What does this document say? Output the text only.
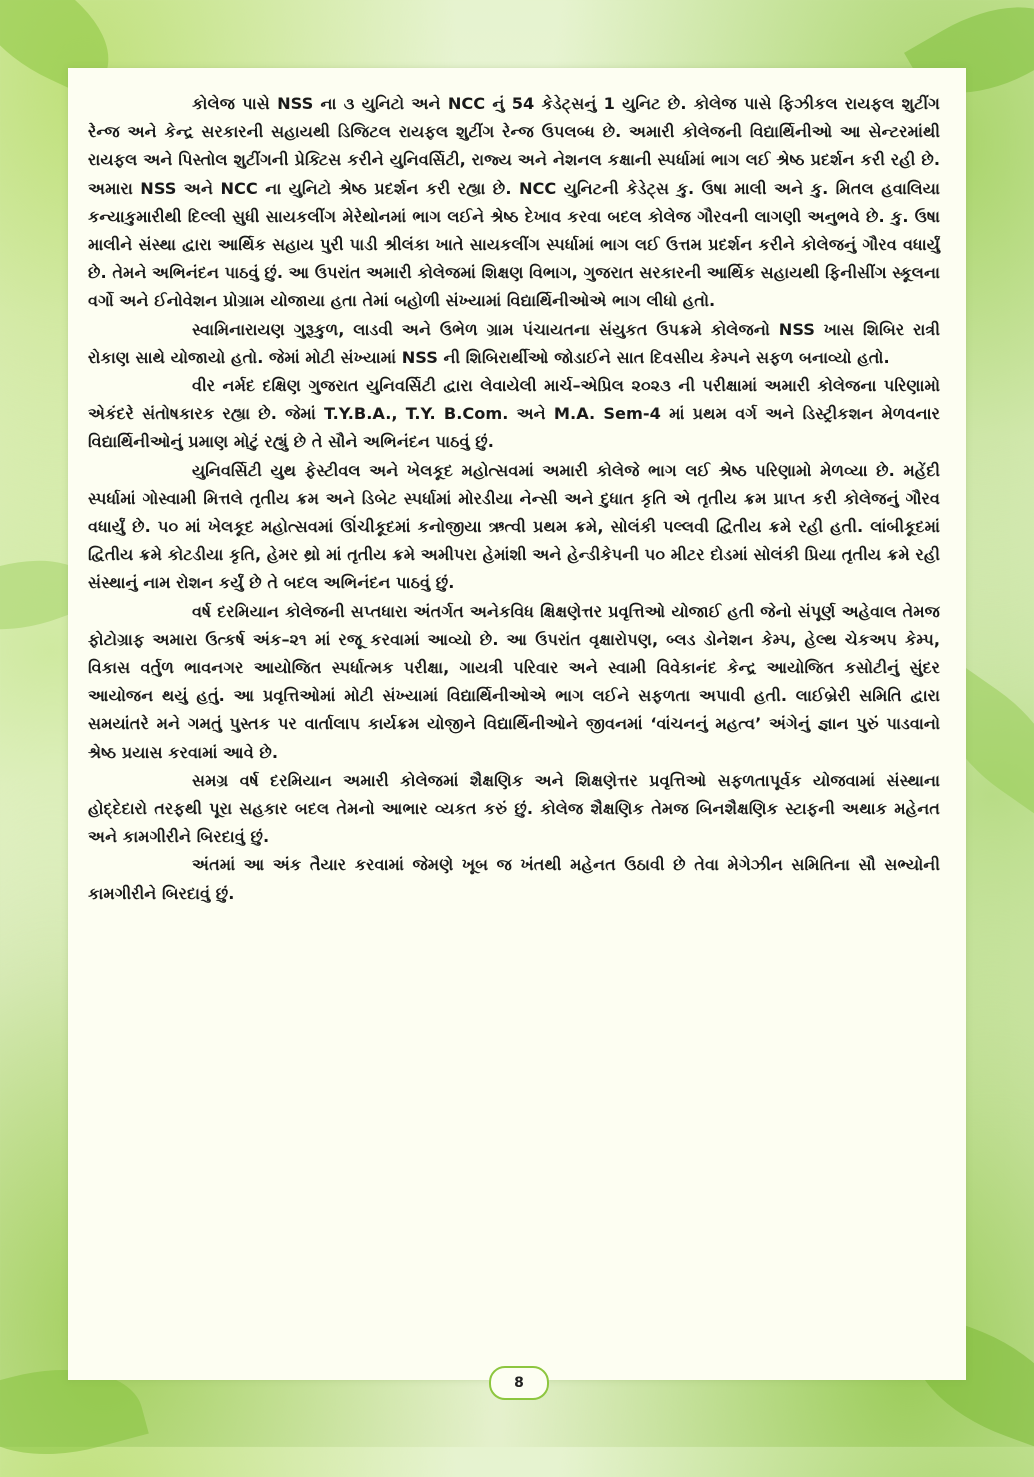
કોલેજ પાસે NSS ના ૩ યુનિટો અને NCC નું 54 કેડેટ્સનું 1 યુનિટ છે. કોલેજ પાસે ફિઝીકલ રાયફલ શુટીંગ રેન્જ અને કેન્દ્ર સરકારની સહાયથી ડિજિટલ રાયફલ શુટીંગ રેન્જ ઉપલબ્ધ છે. અમારી કોલેજની વિદ્યાર્થિનીઓ આ સેન્ટરમાંથી રાયફલ અને પિસ્તોલ શુટીંગની પ્રેક્ટિસ કરીને યુનિવર્સિટી, રાજ્ય અને નેશનલ કક્ષાની સ્પર્ધામાં ભાગ લઈ શ્રેષ્ઠ પ્રદર્શન કરી રહી છે. અમારા NSS અને NCC ના યુનિટો શ્રેષ્ઠ પ્રદર્શન કરી રહ્યા છે. NCC યુનિટની કેડેટ્સ કુ. ઉષા માલી અને કુ. મિતલ હવાલિયા કન્યાકુમારીથી દિલ્લી સુધી સાયકલીંગ મેરેથોનમાં ભાગ લઈને શ્રેષ્ઠ દેખાવ કરવા બદલ કોલેજ ગૌરવની લાગણી અનુભવે છે. કુ. ઉષા માલીને સંસ્થા દ્વારા આર્થિક સહાય પુરી પાડી શ્રીલંકા ખાતે સાયકલીંગ સ્પર્ધામાં ભાગ લઈ ઉત્તમ પ્રદર્શન કરીને કોલેજનું ગૌરવ વધાર્યું છે. તેમને અભિનંદન પાઠવું છું. આ ઉપરાંત અમારી કોલેજમાં શિક્ષણ વિભાગ, ગુજરાત સરકારની આર્થિક સહાયથી ફિનીસીંગ સ્કૂલના વર્ગો અને ઈનોવેશન પ્રોગ્રામ યોજાયા હતા તેમાં બહોળી સંખ્યામાં વિદ્યાર્થિનીઓએ ભાગ લીધો હતો.

સ્વામિનારાયણ ગુરૂકુળ, લાડવી અને ઉભેળ ગ્રામ પંચાયતના સંયુકત ઉપક્રમે કોલેજનો NSS ખાસ શિબિર રાત્રી રોકાણ સાથે યોજાયો હતો. જેમાં મોટી સંખ્યામાં NSS ની શિબિરાર્થીઓ જોડાઈને સાત દિવસીય કેમ્પને સફળ બનાવ્યો હતો.

વીર નર્મદ દક્ષિણ ગુજરાત યુનિવર્સિટી દ્વારા લેવાયેલી માર્ચ–એપ્રિલ ૨૦૨૩ ની પરીક્ષામાં અમારી કોલેજના પરિણામો એકંદરે સંતોષકારક રહ્યા છે. જેમાં T.Y.B.A., T.Y. B.Com. અને M.A. Sem-4 માં પ્રથમ વર્ગ અને ડિસ્ટ્રીકશન મેળવનાર વિદ્યાર્થિનીઓનું પ્રમાણ મોટું રહ્યું છે તે સૌને અભિનંદન પાઠવું છું.

યુનિવર્સિટી યુથ ફેસ્ટીવલ અને ખેલકૂદ મહોત્સવમાં અમારી કોલેજે ભાગ લઈ શ્રેષ્ઠ પરિણામો મેળવ્યા છે. મહેંદી સ્પર્ધામાં ગોસ્વામી મિત્તલે તૃતીય ક્રમ અને ડિબેટ સ્પર્ધામાં મોરડીયા નેન્સી અને દુધાત કૃતિ એ તૃતીય ક્રમ પ્રાપ્ત કરી કોલેજનું ગૌરવ વધાર્યું છે. ૫૦ માં ખેલકૂદ મહોત્સવમાં ઊંચીકૂદમાં કનોજીયા ઋત્વી પ્રથમ ક્રમે, સોલંકી પલ્લવી દ્વિતીય ક્રમે રહી હતી. લાંબીકૂદમાં દ્વિતીય ક્રમે કોટડીયા કૃતિ, હેમર થ્રો માં તૃતીય ક્રમે અમીપરા હેમાંશી અને હેન્ડીકેપની ૫૦ મીટર દોડમાં સોલંકી પ્રિયા તૃતીય ક્રમે રહી સંસ્થાનું નામ રોશન કર્યું છે તે બદલ અભિનંદન પાઠવું છું.

વર્ષ દરમિયાન કોલેજની સપ્તધારા અંતર્ગત અનેકવિધ ક્ષિક્ષણેત્તર પ્રવૃત્તિઓ યોજાઈ હતી જેનો સંપૂર્ણ અહેવાલ તેમજ ફોટોગ્રાફ અમારા ઉત્કર્ષ અંક–૨૧ માં રજૂ કરવામાં આવ્યો છે. આ ઉપરાંત વૃક્ષારોપણ, બ્લડ ડોનેશન કેમ્પ, હેલ્થ ચેકઅપ કેમ્પ, વિકાસ વર્તુળ ભાવનગર આયોજિત સ્પર્ધાત્મક પરીક્ષા, ગાયત્રી પરિવાર અને સ્વામી વિવેકાનંદ કેન્દ્ર આયોજિત કસોટીનું સુંદર આયોજન થયું હતું. આ પ્રવૃત્તિઓમાં મોટી સંખ્યામાં વિદ્યાર્થિનીઓએ ભાગ લઈને સફળતા અપાવી હતી. લાઈબ્રેરી સમિતિ દ્વારા સમયાંતરે મને ગમતું પુસ્તક પર વાર્તાલાપ કાર્યક્રમ યોજીને વિદ્યાર્થિનીઓને જીવનમાં ‘વાંચનનું મહત્વ’ અંગેનું જ્ઞાન પુરું પાડવાનો શ્રેષ્ઠ પ્રયાસ કરવામાં આવે છે.

સમગ્ર વર્ષ દરમિયાન અમારી કોલેજમાં શૈક્ષણિક અને શિક્ષણેત્તર પ્રવૃત્તિઓ સફળતાપૂર્વક યોજવામાં સંસ્થાના હોદ્દેદારો તરફથી પૂરા સહકાર બદલ તેમનો આભાર વ્યકત કરું છું. કોલેજ શૈક્ષણિક તેમજ બિનશૈક્ષણિક સ્ટાફની અથાક મહેનત અને કામગીરીને બિરદાવું છું.

અંતમાં આ અંક તૈયાર કરવામાં જેમણે ખૂબ જ ખંતથી મહેનત ઉઠાવી છે તેવા મેગેઝીન સમિતિના સૌ સભ્યોની કામગીરીને બિરદાવું છું.

8
